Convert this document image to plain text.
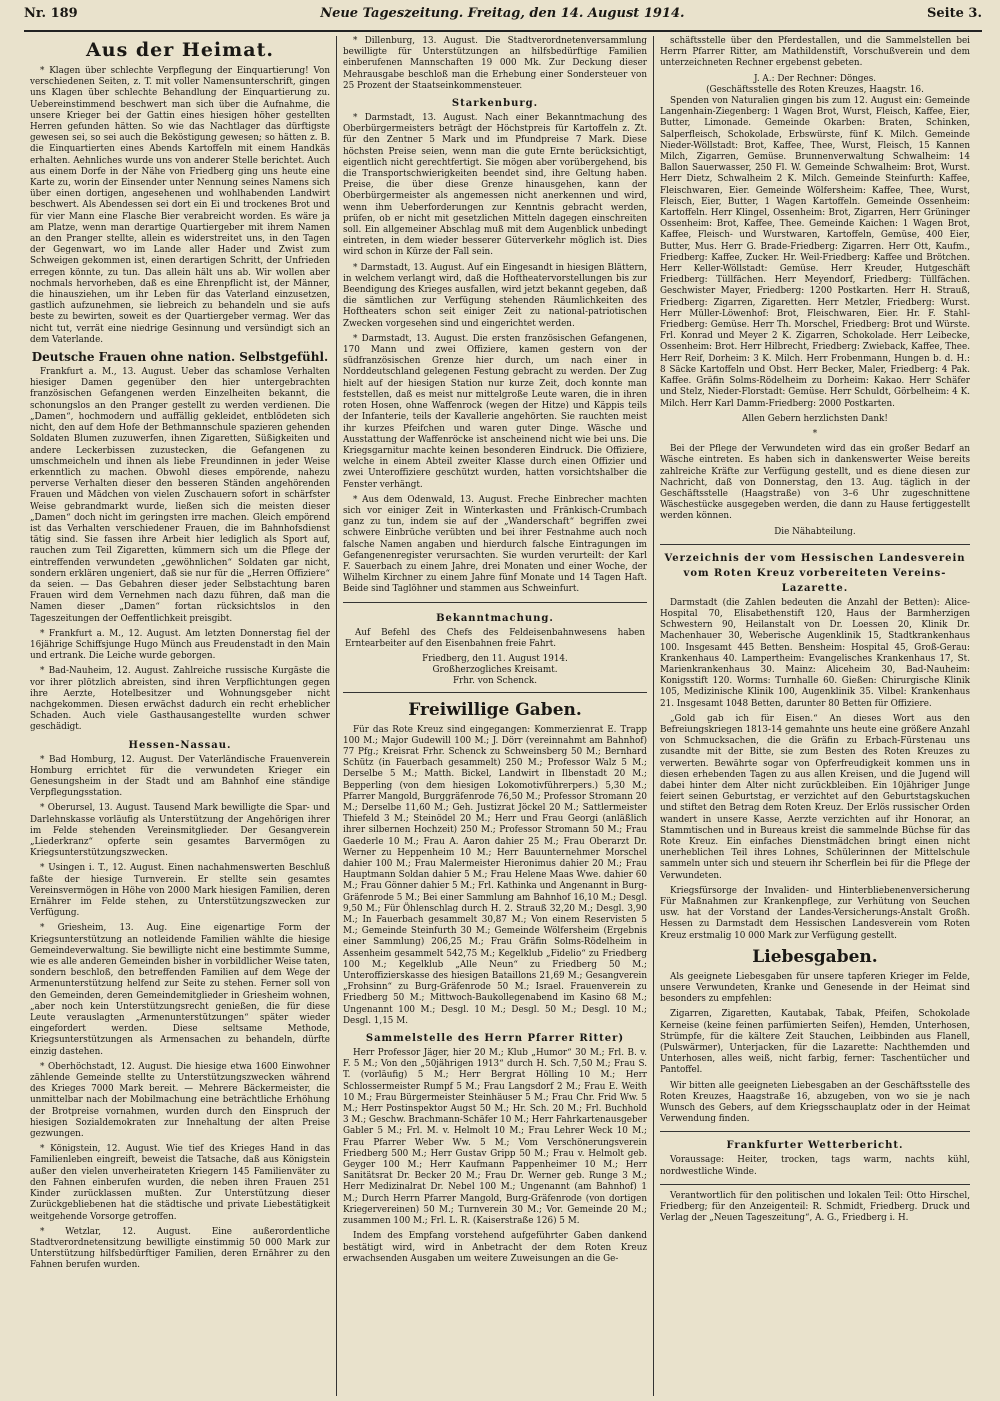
Nr. 189	Neue Tageszeitung. Freitag, den 14. August 1914.	Seite 3.
Aus der Heimat.

* Klagen über schlechte Verpflegung der Einquartierung! Von verschiedenen Seiten, z. T. mit voller Namensunterschrift, gingen uns Klagen über schlechte Behandlung der Einquartierung zu. Uebereinstimmend beschwert man sich über die Aufnahme, die unsere Krieger bei der Gattin eines hiesigen höher gestellten Herren gefunden hätten. So wie das Nachtlager das dürftigste gewesen sei, so sei auch die Beköstigung gewesen; so hätten z. B. die Einquartierten eines Abends Kartoffeln mit einem Handkäs erhalten. Aehnliches wurde uns von anderer Stelle berichtet. Auch aus einem Dorfe in der Nähe von Friedberg ging uns heute eine Karte zu, worin der Einsender unter Nennung seines Namens sich über einen dortigen, angesehenen und wohlhabenden Landwirt beschwert. Als Abendessen sei dort ein Ei und trockenes Brot und für vier Mann eine Flasche Bier verabreicht worden. Es wäre ja am Platze, wenn man derartige Quartiergeber mit ihrem Namen an den Pranger stellte, allein es widerstreitet uns, in den Tagen der Gegenwart, wo im Lande aller Hader und Zwist zum Schweigen gekommen ist, einen derartigen Schritt, der Unfrieden erregen könnte, zu tun. Das allein hält uns ab. Wir wollen aber nochmals hervorheben, daß es eine Ehrenpflicht ist, der Männer, die hinausziehen, um ihr Leben für das Vaterland einzusetzen, gastlich aufzunehmen, sie liebreich zu behandeln und sie aufs beste zu bewirten, soweit es der Quartiergeber vermag. Wer das nicht tut, verrät eine niedrige Gesinnung und versündigt sich an dem Vaterlande.

Deutsche Frauen ohne nation. Selbstgefühl.

Frankfurt a. M., 13. August. Ueber das schamlose Verhalten hiesiger Damen gegenüber den hier untergebrachten französischen Gefangenen werden Einzelheiten bekannt, die schonungslos an den Pranger gestellt zu werden verdienen. Die „Damen“, hochmodern und auffällig gekleidet, entblödeten sich nicht, den auf dem Hofe der Bethmannschule spazieren gehenden Soldaten Blumen zuzuwerfen, ihnen Zigaretten, Süßigkeiten und andere Leckerbissen zuzustecken, die Gefangenen zu umschmeicheln und ihnen als liebe Freundinnen in jeder Weise erkenntlich zu machen. Obwohl dieses empörende, nahezu perverse Verhalten dieser den besseren Ständen angehörenden Frauen und Mädchen von vielen Zuschauern sofort in schärfster Weise gebrandmarkt wurde, ließen sich die meisten dieser „Damen“ doch nicht im geringsten irre machen. Gleich empörend ist das Verhalten verschiedener Frauen, die im Bahnhofsdienst tätig sind. Sie fassen ihre Arbeit hier lediglich als Sport auf, rauchen zum Teil Zigaretten, kümmern sich um die Pflege der eintreffenden verwundeten „gewöhnlichen“ Soldaten gar nicht, sondern erklären ungeniert, daß sie nur für die „Herren Offiziere“ da seien. — Das Gebahren dieser jeder Selbstachtung baren Frauen wird dem Vernehmen nach dazu führen, daß man die Namen dieser „Damen“ fortan rücksichtslos in den Tageszeitungen der Oeffentlichkeit preisgibt.

* Frankfurt a. M., 12. August. Am letzten Donnerstag fiel der 16jährige Schiffsjunge Hugo Münch aus Freudenstadt in den Main und ertrank. Die Leiche wurde geborgen.

* Bad-Nauheim, 12. August. Zahlreiche russische Kurgäste die vor ihrer plötzlich abreisten, sind ihren Verpflichtungen gegen ihre Aerzte, Hotelbesitzer und Wohnungsgeber nicht nachgekommen. Diesen erwächst dadurch ein recht erheblicher Schaden. Auch viele Gasthausangestellte wurden schwer geschädigt.

Hessen-Nassau.

* Bad Homburg, 12. August. Der Vaterländische Frauenverein Homburg errichtet für die verwundeten Krieger ein Genesungsheim in der Stadt und am Bahnhof eine ständige Verpflegungsstation.

* Oberursel, 13. August. Tausend Mark bewilligte die Spar- und Darlehnskasse vorläufig als Unterstützung der Angehörigen ihrer im Felde stehenden Vereinsmitglieder. Der Gesangverein „Liederkranz“ opferte sein gesamtes Barvermögen zu Kriegsunterstützungszwecken.

* Usingen i. T., 12. August. Einen nachahmenswerten Beschluß faßte der hiesige Turnverein. Er stellte sein gesamtes Vereinsvermögen in Höhe von 2000 Mark hiesigen Familien, deren Ernährer im Felde stehen, zu Unterstützungszwecken zur Verfügung.

* Griesheim, 13. Aug. Eine eigenartige Form der Kriegsunterstützung an notleidende Familien wählte die hiesige Gemeindeverwaltung. Sie bewilligte nicht eine bestimmte Summe, wie es alle anderen Gemeinden bisher in vorbildlicher Weise taten, sondern beschloß, den betreffenden Familien auf dem Wege der Armenunterstützung helfend zur Seite zu stehen. Ferner soll von den Gemeinden, deren Gemeindemitglieder in Griesheim wohnen, „aber noch kein Unterstützungsrecht genießen, die für diese Leute verauslagten „Armenunterstützungen“ später wieder eingefordert werden. Diese seltsame Methode, Kriegsunterstützungen als Armensachen zu behandeln, dürfte einzig dastehen.

* Oberhöchstadt, 12. August. Die hiesige etwa 1600 Einwohner zählende Gemeinde stellte zu Unterstützungszwecken während des Krieges 7000 Mark bereit. — Mehrere Bäckermeister, die unmittelbar nach der Mobilmachung eine beträchtliche Erhöhung der Brotpreise vornahmen, wurden durch den Einspruch der hiesigen Sozialdemokraten zur Innehaltung der alten Preise gezwungen.

* Königstein, 12. August. Wie tief des Krieges Hand in das Familienleben eingreift, beweist die Tatsache, daß aus Königstein außer den vielen unverheirateten Kriegern 145 Familienväter zu den Fahnen einberufen wurden, die neben ihren Frauen 251 Kinder zurücklassen mußten. Zur Unterstützung dieser Zurückgebliebenen hat die städtische und private Liebestätigkeit weitgehende Vorsorge getroffen.

* Wetzlar, 12. August. Eine außerordentliche Stadtverordnetensitzung bewilligte einstimmig 50 000 Mark zur Unterstützung hilfsbedürftiger Familien, deren Ernährer zu den Fahnen berufen wurden.

* Dillenburg, 13. August. Die Stadtverordnetenversammlung bewilligte für Unterstützungen an hilfsbedürftige Familien einberufenen Mannschaften 19 000 Mk. Zur Deckung dieser Mehrausgabe beschloß man die Erhebung einer Sondersteuer von 25 Prozent der Staatseinkommensteuer.

Starkenburg.

* Darmstadt, 13. August. Nach einer Bekanntmachung des Oberbürgermeisters beträgt der Höchstpreis für Kartoffeln z. Zt. für den Zentner 5 Mark und im Pfundpreise 7 Mark. Diese höchsten Preise seien, wenn man die gute Ernte berücksichtigt, eigentlich nicht gerechtfertigt. Sie mögen aber vorübergehend, bis die Transportschwierigkeiten beendet sind, ihre Geltung haben. Preise, die über diese Grenze hinausgehen, kann der Oberbürgermeister als angemessen nicht anerkennen und wird, wenn ihm Ueberforderungen zur Kenntnis gebracht werden, prüfen, ob er nicht mit gesetzlichen Mitteln dagegen einschreiten soll. Ein allgemeiner Abschlag muß mit dem Augenblick unbedingt eintreten, in dem wieder besserer Güterverkehr möglich ist. Dies wird schon in Kürze der Fall sein.

* Darmstadt, 13. August. Auf ein Eingesandt in hiesigen Blättern, in welchem verlangt wird, daß die Hoftheatervorstellungen bis zur Beendigung des Krieges ausfallen, wird jetzt bekannt gegeben, daß die sämtlichen zur Verfügung stehenden Räumlichkeiten des Hoftheaters schon seit einiger Zeit zu national-patriotischen Zwecken vorgesehen sind und eingerichtet werden.

* Darmstadt, 13. August. Die ersten französischen Gefangenen, 170 Mann und zwei Offiziere, kamen gestern von der südfranzösischen Grenze hier durch, um nach einer in Norddeutschland gelegenen Festung gebracht zu werden. Der Zug hielt auf der hiesigen Station nur kurze Zeit, doch konnte man feststellen, daß es meist nur mittelgroße Leute waren, die in ihren roten Hosen, ohne Waffenrock (wegen der Hitze) und Käppis teils der Infanterie, teils der Kavallerie angehörten. Sie rauchten meist ihr kurzes Pfeifchen und waren guter Dinge. Wäsche und Ausstattung der Waffenröcke ist anscheinend nicht wie bei uns. Die Kriegsgarnitur machte keinen besonderen Eindruck. Die Offiziere, welche in einem Abteil zweiter Klasse durch einen Offizier und zwei Unteroffiziere geschützt wurden, hatten vorsichtshalber die Fenster verhängt.

* Aus dem Odenwald, 13. August. Freche Einbrecher machten sich vor einiger Zeit in Winterkasten und Fränkisch-Crumbach ganz zu tun, indem sie auf der „Wanderschaft“ begriffen zwei schwere Einbrüche verübten und bei ihrer Festnahme auch noch falsche Namen angaben und hierdurch falsche Eintragungen im Gefangenenregister verursachten. Sie wurden verurteilt: der Karl F. Sauerbach zu einem Jahre, drei Monaten und einer Woche, der Wilhelm Kirchner zu einem Jahre fünf Monate und 14 Tagen Haft. Beide sind Taglöhner und stammen aus Schweinfurt.

Bekanntmachung.

Auf Befehl des Chefs des Feldeisenbahnwesens haben Erntearbeiter auf den Eisenbahnen freie Fahrt.

Friedberg, den 11. August 1914.
Großherzogliches Kreisamt.
Frhr. von Schenck.
Freiwillige Gaben.

Für das Rote Kreuz sind eingegangen: Kommerzienrat E. Trapp 100 M.; Major Gudewill 100 M.; J. Dörr (vereinnahmt am Bahnhof) 77 Pfg.; Kreisrat Frhr. Schenck zu Schweinsberg 50 M.; Bernhard Schütz (in Fauerbach gesammelt) 250 M.; Professor Walz 5 M.; Derselbe 5 M.; Matth. Bickel, Landwirt in Ilbenstadt 20 M.; Bepperling (von dem hiesigen Lokomotivführerpers.) 5,30 M.; Pfarrer Mangold, Burggräfenrode 76,50 M.; Professor Stromann 20 M.; Derselbe 11,60 M.; Geh. Justizrat Jöckel 20 M.; Sattlermeister Thiefeld 3 M.; Steinödel 20 M.; Herr und Frau Georgi (anläßlich ihrer silbernen Hochzeit) 250 M.; Professor Stromann 50 M.; Frau Gaederle 10 M.; Frau A. Aaron dahier 25 M.; Frau Oberarzt Dr. Werner zu Heppenheim 10 M.; Herr Bauunternehmer Morschel dahier 100 M.; Frau Malermeister Hieronimus dahier 20 M.; Frau Hauptmann Soldan dahier 5 M.; Frau Helene Maas Wwe. dahier 60 M.; Frau Gönner dahier 5 M.; Frl. Kathinka und Angenannt in Burg-Gräfenrode 5 M.; Bei einer Sammlung am Bahnhof 16,10 M.; Desgl. 9,50 M.; Für Öhlenschlag durch H. 2. Strauß 32,20 M.; Desgl. 3,90 M.; In Fauerbach gesammelt 30,87 M.; Von einem Reservisten 5 M.; Gemeinde Steinfurth 30 M.; Gemeinde Wölfersheim (Ergebnis einer Sammlung) 206,25 M.; Frau Gräfin Solms-Rödelheim in Assenheim gesammelt 542,75 M.; Kegelklub „Fidelio“ zu Friedberg 100 M.; Kegelklub „Alle Neun“ zu Friedberg 50 M.; Unteroffizierskasse des hiesigen Bataillons 21,69 M.; Gesangverein „Frohsinn“ zu Burg-Gräfenrode 50 M.; Israel. Frauenverein zu Friedberg 50 M.; Mittwoch-Baukollegenabend im Kasino 68 M.; Ungenannt 100 M.; Desgl. 10 M.; Desgl. 50 M.; Desgl. 10 M.; Desgl. 1,15 M.

Sammelstelle des Herrn Pfarrer Ritter)

Herr Professor Jäger, hier 20 M.; Klub „Humor“ 30 M.; Frl. B. v. F. 5 M.; Von den „50jährigen 1913“ durch H. Sch. 7,50 M.; Frau S. T. (vorläufig) 5 M.; Herr Bergrat Hölling 10 M.; Herr Schlossermeister Rumpf 5 M.; Frau Langsdorf 2 M.; Frau E. Weith 10 M.; Frau Bürgermeister Steinhäuser 5 M.; Frau Chr. Frid Ww. 5 M.; Herr Postinspektor Augst 50 M.; Hr. Sch. 20 M.; Frl. Buchhold 3 M.; Geschw. Brachmann-Schäfer 10 M.; Herr Fahrkartenausgeber Gabler 5 M.; Frl. M. v. Helmolt 10 M.; Frau Lehrer Weck 10 M.; Frau Pfarrer Weber Ww. 5 M.; Vom Verschönerungsverein Friedberg 500 M.; Herr Gustav Gripp 50 M.; Frau v. Helmolt geb. Geyger 100 M.; Herr Kaufmann Pappenheimer 10 M.; Herr Sanitätsrat Dr. Becker 20 M.; Frau Dr. Werner geb. Runge 3 M.; Herr Medizinalrat Dr. Nebel 100 M.; Ungenannt (am Bahnhof) 1 M.; Durch Herrn Pfarrer Mangold, Burg-Gräfenrode (von dortigen Kriegervereinen) 50 M.; Turnverein 30 M.; Vor. Gemeinde 20 M.; zusammen 100 M.; Frl. L. R. (Kaiserstraße 126) 5 M.

Indem des Empfang vorstehend aufgeführter Gaben dankend bestätigt wird, wird in Anbetracht der dem Roten Kreuz erwachsenden Ausgaben um weitere Zuweisungen an die Ge-

schäftsstelle über den Pferdestallen, und die Sammelstellen bei Herrn Pfarrer Ritter, am Mathildenstift, Vorschußverein und dem unterzeichneten Rechner ergebenst gebeten.

J. A.: Der Rechner: Dönges.
(Geschäftsstelle des Roten Kreuzes, Haagstr. 16.

Spenden von Naturalien gingen bis zum 12. August ein: Gemeinde Langenhain-Ziegenberg: 1 Wagen Brot, Wurst, Fleisch, Kaffee, Eier, Butter, Limonade. Gemeinde Okarben: Braten, Schinken, Salperfleisch, Schokolade, Erbswürste, fünf K. Milch. Gemeinde Nieder-Wöllstadt: Brot, Kaffee, Thee, Wurst, Fleisch, 15 Kannen Milch, Zigarren, Gemüse. Brunnenverwaltung Schwalheim: 14 Ballon Sauerwasser, 250 Fl. W. Gemeinde Schwalheim: Brot, Wurst. Herr Dietz, Schwalheim 2 K. Milch. Gemeinde Steinfurth: Kaffee, Fleischwaren, Eier. Gemeinde Wölfersheim: Kaffee, Thee, Wurst, Fleisch, Eier, Butter, 1 Wagen Kartoffeln. Gemeinde Ossenheim: Kartoffeln. Herr Klingel, Ossenheim: Brot, Zigarren, Herr Grüninger Ossenheim: Brot, Kaffee, Thee. Gemeinde Kaichen: 1 Wagen Brot, Kaffee, Fleisch- und Wurstwaren, Kartoffeln, Gemüse, 400 Eier, Butter, Mus. Herr G. Brade-Friedberg: Zigarren. Herr Ott, Kaufm., Friedberg: Kaffee, Zucker. Hr. Weil-Friedberg: Kaffee und Brötchen. Herr Keller-Wöllstadt: Gemüse. Herr Kreuder, Hutgeschäft Friedberg: Tüllfächen. Herr Meyendorf, Friedberg: Tüllfächen. Geschwister Mayer, Friedberg: 1200 Postkarten. Herr H. Strauß, Friedberg: Zigarren, Zigaretten. Herr Metzler, Friedberg: Wurst. Herr Müller-Löwenhof: Brot, Fleischwaren, Eier. Hr. F. Stahl-Friedberg: Gemüse. Herr Th. Morschel, Friedberg: Brot und Würste. Frl. Konrad und Meyer 2 K. Zigarren, Schokolade. Herr Leibecke, Ossenheim: Brot. Herr Hilbrecht, Friedberg: Zwieback, Kaffee, Thee. Herr Reif, Dorheim: 3 K. Milch. Herr Frobenmann, Hungen b. d. H.: 8 Säcke Kartoffeln und Obst. Herr Becker, Maler, Friedberg: 4 Pak. Kaffee. Gräfin Solms-Rödelheim zu Dorheim: Kakao. Herr Schäfer und Stelz, Nieder-Florstadt: Gemüse. Herr Schuldt, Görbelheim: 4 K. Milch. Herr Karl Damm-Friedberg: 2000 Postkarten.

Allen Gebern herzlichsten Dank!
*

Bei der Pflege der Verwundeten wird das ein großer Bedarf an Wäsche eintreten. Es haben sich in dankenswerter Weise bereits zahlreiche Kräfte zur Verfügung gestellt, und es diene diesen zur Nachricht, daß von Donnerstag, den 13. Aug. täglich in der Geschäftsstelle (Haagstraße) von 3–6 Uhr zugeschnittene Wäschestücke ausgegeben werden, die dann zu Hause fertiggestellt werden können.

Die Nähabteilung.
Verzeichnis der vom Hessischen Landesverein vom Roten Kreuz vorbereiteten Vereins-Lazarette.

Darmstadt (die Zahlen bedeuten die Anzahl der Betten): Alice-Hospital 70, Elisabethenstift 120, Haus der Barmherzigen Schwestern 90, Heilanstalt von Dr. Loessen 20, Klinik Dr. Machenhauer 30, Weberische Augenklinik 15, Stadtkrankenhaus 100. Insgesamt 445 Betten. Bensheim: Hospital 45, Groß-Gerau: Krankenhaus 40. Lampertheim: Evangelisches Krankenhaus 17, St. Marienkrankenhaus 30. Mainz: Aliceheim 30, Bad-Nauheim: Konigsstift 120. Worms: Turnhalle 60. Gießen: Chirurgische Klinik 105, Medizinische Klinik 100, Augenklinik 35. Vilbel: Krankenhaus 21. Insgesamt 1048 Betten, darunter 80 Betten für Offiziere.

„Gold gab ich für Eisen.“ An dieses Wort aus den Befreiungskriegen 1813-14 gemahnte uns heute eine größere Anzahl von Schmucksachen, die die Gräfin zu Erbach-Fürstenau uns zusandte mit der Bitte, sie zum Besten des Roten Kreuzes zu verwerten. Bewährte sogar von Opferfreudigkeit kommen uns in diesen erhebenden Tagen zu aus allen Kreisen, und die Jugend will dabei hinter dem Alter nicht zurückbleiben. Ein 10jähriger Junge feiert seinen Geburtstag, er verzichtet auf den Geburtstagskuchen und stiftet den Betrag dem Roten Kreuz. Der Erlös russischer Orden wandert in unsere Kasse, Aerzte verzichten auf ihr Honorar, an Stammtischen und in Bureaus kreist die sammelnde Büchse für das Rote Kreuz. Ein einfaches Dienstmädchen bringt einen nicht unerheblichen Teil ihres Lohnes, Schülerinnen der Mittelschule sammeln unter sich und steuern ihr Scherflein bei für die Pflege der Verwundeten.

Kriegsfürsorge der Invaliden- und Hinterbliebenenversicherung Für Maßnahmen zur Krankenpflege, zur Verhütung von Seuchen usw. hat der Vorstand der Landes-Versicherungs-Anstalt Großh. Hessen zu Darmstadt dem Hessischen Landesverein vom Roten Kreuz erstmalig 10 000 Mark zur Verfügung gestellt.

Liebesgaben.

Als geeignete Liebesgaben für unsere tapferen Krieger im Felde, unsere Verwundeten, Kranke und Genesende in der Heimat sind besonders zu empfehlen:

Zigarren, Zigaretten, Kautabak, Tabak, Pfeifen, Schokolade Kerneise (keine feinen parfümierten Seifen), Hemden, Unterhosen, Strümpfe, für die kältere Zeit Stauchen, Leibbinden aus Flanell, (Pulswärmer), Unterjacken, für die Lazarette: Nachthemden und Unterhosen, alles weiß, nicht farbig, ferner: Taschentücher und Pantoffel.

Wir bitten alle geeigneten Liebesgaben an der Geschäftsstelle des Roten Kreuzes, Haagstraße 16, abzugeben, von wo sie je nach Wunsch des Gebers, auf dem Kriegsschauplatz oder in der Heimat Verwendung finden.

Frankfurter Wetterbericht.

Voraussage: Heiter, trocken, tags warm, nachts kühl, nordwestliche Winde.

Verantwortlich für den politischen und lokalen Teil: Otto Hirschel, Friedberg; für den Anzeigenteil: R. Schmidt, Friedberg. Druck und Verlag der „Neuen Tageszeitung“, A. G., Friedberg i. H.
